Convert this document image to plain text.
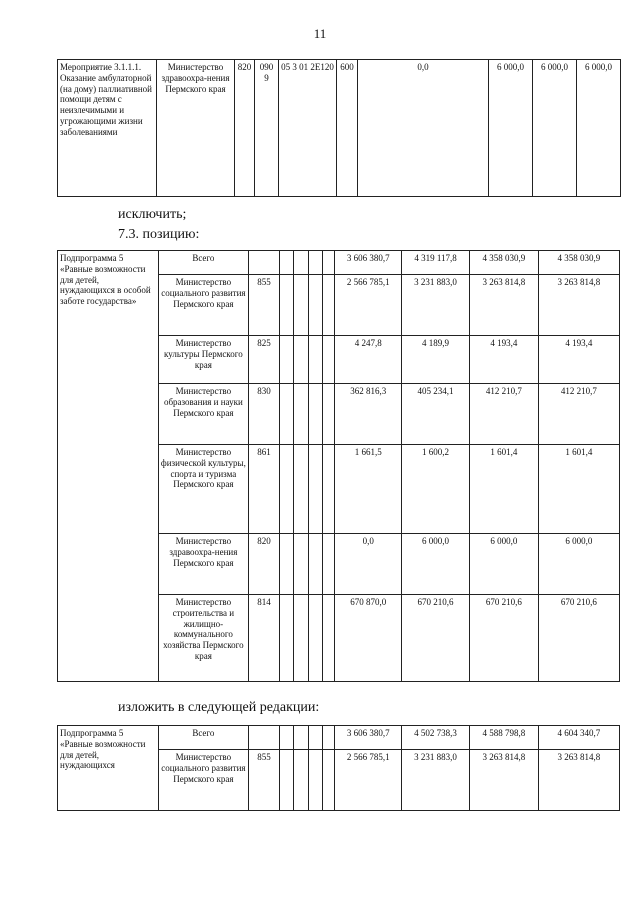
11
Мероприятие 3.1.1.1. Оказание амбулаторной (на дому) паллиативной помощи детям с неизлечимыми и угрожающими жизни заболеваниями	Министерство здравоохра-нения Пермского края	820	090 9	05 3 01 2Е120	600	0,0	6 000,0	6 000,0	6 000,0
исключить;
7.3. позицию:
Подпрограмма 5 «Равные возможности для детей, нуждающихся в особой заботе государства»	Всего						3 606 380,7	4 319 117,8	4 358 030,9	4 358 030,9
	Министерство социального развития Пермского края	855					2 566 785,1	3 231 883,0	3 263 814,8	3 263 814,8
	Министерство культуры Пермского края	825					4 247,8	4 189,9	4 193,4	4 193,4
	Министерство образования и науки Пермского края	830					362 816,3	405 234,1	412 210,7	412 210,7
	Министерство физической культуры, спорта и туризма Пермского края	861					1 661,5	1 600,2	1 601,4	1 601,4
	Министерство здравоохра-нения Пермского края	820					0,0	6 000,0	6 000,0	6 000,0
	Министерство строительства и жилищно-коммунального хозяйства Пермского края	814					670 870,0	670 210,6	670 210,6	670 210,6
изложить в следующей редакции:
Подпрограмма 5 «Равные возможности для детей, нуждающихся	Всего						3 606 380,7	4 502 738,3	4 588 798,8	4 604 340,7
	Министерство социального развития Пермского края	855					2 566 785,1	3 231 883,0	3 263 814,8	3 263 814,8
